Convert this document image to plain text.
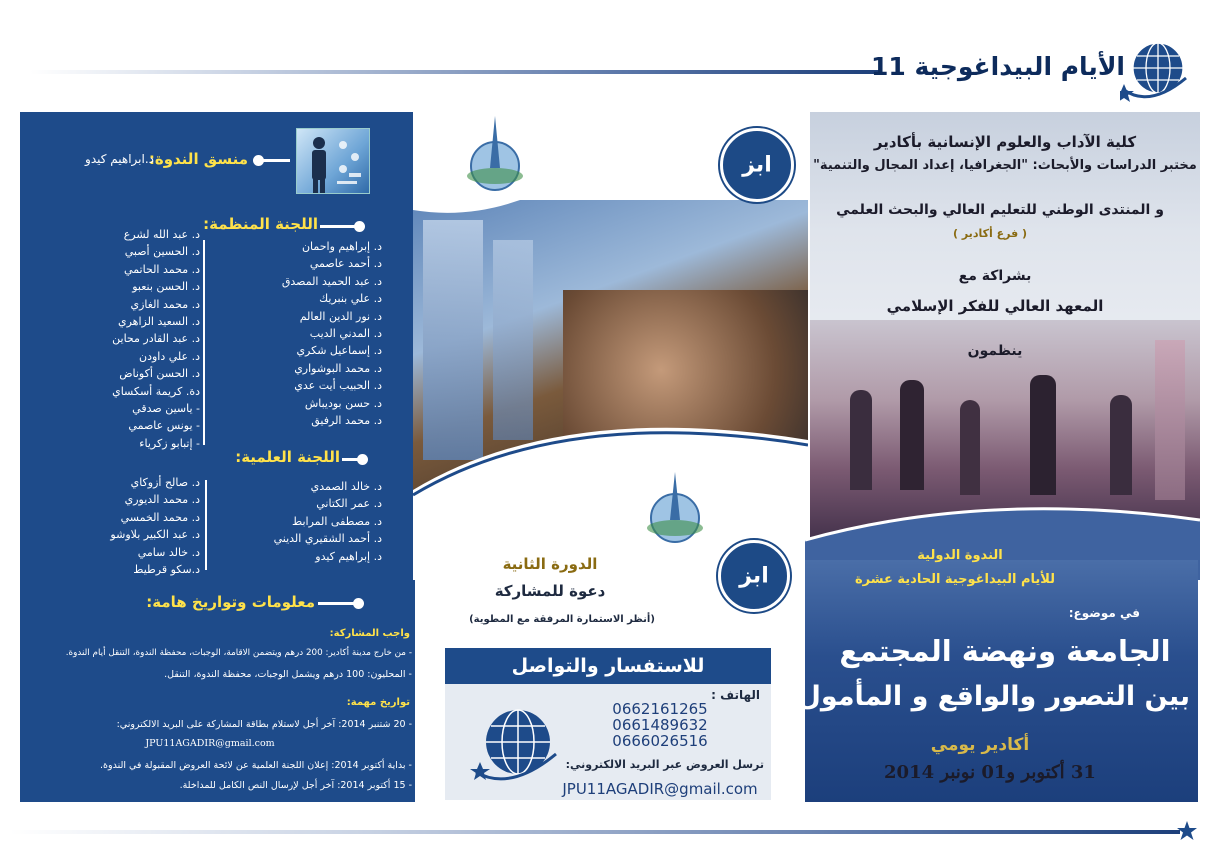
الأيام البيداغوجية 11
منسق الندوة:
د.ابراهيم كيدو
اللجنة المنظمة:
د. إبراهيم واحمان
د. أحمد عاصمي
د. عبد الحميد المصدق
د. علي بنبريك
د. نور الدين العالم
د. المدني الديب
د. إسماعيل شكري
د. محمد البوشواري
د. الحبيب أيت عدي
د. حسن بوديباش
د. محمد الرفيق
د. عبد الله لشرع
د. الحسين أصبي
د. محمد الحاتمي
د. الحسن بنعبو
د. محمد الغازي
د. السعيد الزاهري
د. عبد القادر محاين
د. علي داودن
د. الحسن أكوناض
دة. كريمة أسكساي
- ياسين صدقي
- يونس عاصمي
- إتبابو زكرياء
اللجنة العلمية:
د. خالد الصمدي
د. عمر الكتاني
د. مصطفى المرابط
د. أحمد الشقيري الديني
د. إبراهيم كيدو
د. صالح أزوكاي
د. محمد الديوري
د. محمد الخمسي
د. عبد الكبير بلاوشو
د. خالد سامي
د.سكو قرطيط
معلومات وتواريخ هامة:
واجب المشاركة:
- من خارج مدينة أكادير: 200 درهم ويتضمن الاقامة، الوجبات، محفظة الندوة، التنقل أيام الندوة.
- المحليون: 100 درهم ويشمل الوجبات، محفظة الندوة، التنقل.
تواريخ مهمة:
- 20 شتنبر 2014: آخر أجل لاستلام بطاقة المشاركة على البريد الالكتروني:
JPU11AGADIR@gmail.com
- بداية أكتوبر 2014: إعلان اللجنة العلمية عن لائحة العروض المقبولة في الندوة.
- 15 أكتوبر 2014: آخر أجل لإرسال النص الكامل للمداخلة.
ابز
ابز
الدورة الثانية
دعوة للمشاركة
(أنظر الاستمارة المرفقة مع المطوية)
للاستفسار والتواصل
الهاتف :
0662161265
0661489632
0666026516
ترسل العروض عبر البريد الالكتروني:
JPU11AGADIR@gmail.com
كلية الآداب والعلوم الإنسانية بأكادير
مختبر الدراسات والأبحاث: "الجغرافيا، إعداد المجال والتنمية"
و المنتدى الوطني للتعليم العالي والبحث العلمي
( فرع أكادير )
بشراكة مع
المعهد العالي للفكر الإسلامي
ينظمون
الندوة الدولية
للأيام البيداغوجية الحادية عشرة
في موضوع:
الجامعة ونهضة المجتمع
بين التصور والواقع و المأمول
أكادير يومي
31 أكتوبر و01 نونبر 2014
